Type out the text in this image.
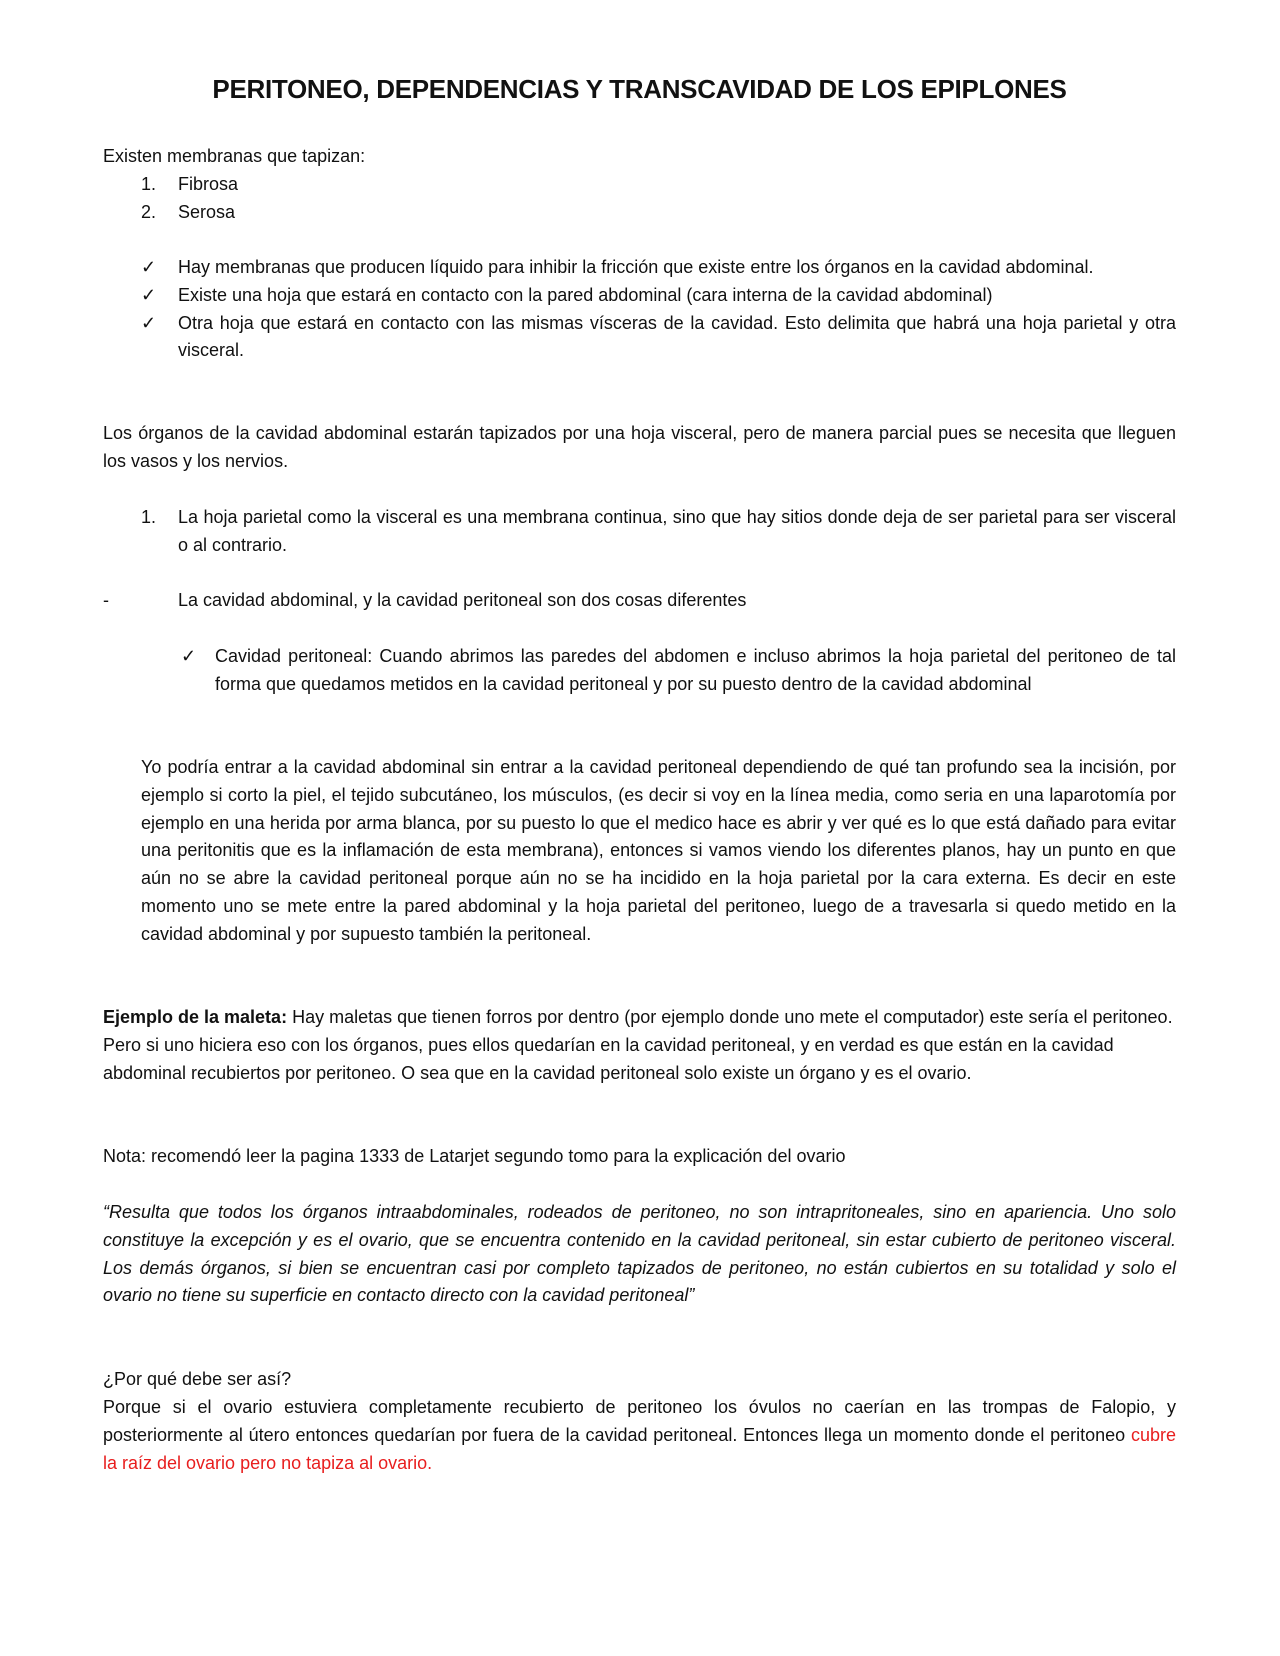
PERITONEO, DEPENDENCIAS Y TRANSCAVIDAD DE LOS EPIPLONES
Existen membranas que tapizan:
1. Fibrosa
2. Serosa
✓ Hay membranas que producen líquido para inhibir la fricción que existe entre los órganos en la cavidad abdominal.
✓ Existe una hoja que estará en contacto con la pared abdominal (cara interna de la cavidad abdominal)
✓ Otra hoja que estará en contacto con las mismas vísceras de la cavidad. Esto delimita que habrá una hoja parietal y otra visceral.
Los órganos de la cavidad abdominal estarán tapizados por una hoja visceral, pero de manera parcial pues se necesita que lleguen los vasos y los nervios.
1. La hoja parietal como la visceral es una membrana continua, sino que hay sitios donde deja de ser parietal para ser visceral o al contrario.
-	La cavidad abdominal, y la cavidad peritoneal son dos cosas diferentes
✓ Cavidad peritoneal: Cuando abrimos las paredes del abdomen e incluso abrimos la hoja parietal del peritoneo de tal forma que quedamos metidos en la cavidad peritoneal y por su puesto dentro de la cavidad abdominal
Yo podría entrar a la cavidad abdominal sin entrar a la cavidad peritoneal dependiendo de qué tan profundo sea la incisión, por ejemplo si corto la piel, el tejido subcutáneo, los músculos, (es decir si voy en la línea media, como seria en una laparotomía por ejemplo en una herida por arma blanca, por su puesto lo que el medico hace es abrir y ver qué es lo que está dañado para evitar una peritonitis que es la inflamación de esta membrana), entonces si vamos viendo los diferentes planos, hay un punto en que aún no se abre la cavidad peritoneal porque aún no se ha incidido en la hoja parietal por la cara externa. Es decir en este momento uno se mete entre la pared abdominal y la hoja parietal del peritoneo, luego de a travesarla si quedo metido en la cavidad abdominal y por supuesto también la peritoneal.
Ejemplo de la maleta: Hay maletas que tienen forros por dentro (por ejemplo donde uno mete el computador) este sería el peritoneo. Pero si uno hiciera eso con los órganos, pues ellos quedarían en la cavidad peritoneal, y en verdad es que están en la cavidad abdominal recubiertos por peritoneo. O sea que en la cavidad peritoneal solo existe un órgano y es el ovario.
Nota: recomendó leer la pagina 1333 de Latarjet segundo tomo para la explicación del ovario
“Resulta que todos los órganos intraabdominales, rodeados de peritoneo, no son intrapritoneales, sino en apariencia. Uno solo constituye la excepción y es el ovario, que se encuentra contenido en la cavidad peritoneal, sin estar cubierto de peritoneo visceral. Los demás órganos, si bien se encuentran casi por completo tapizados de peritoneo, no están cubiertos en su totalidad y solo el ovario no tiene su superficie en contacto directo con la cavidad peritoneal”
¿Por qué debe ser así?
Porque si el ovario estuviera completamente recubierto de peritoneo los óvulos no caerían en las trompas de Falopio, y posteriormente al útero entonces quedarían por fuera de la cavidad peritoneal. Entonces llega un momento donde el peritoneo cubre la raíz del ovario pero no tapiza al ovario.
